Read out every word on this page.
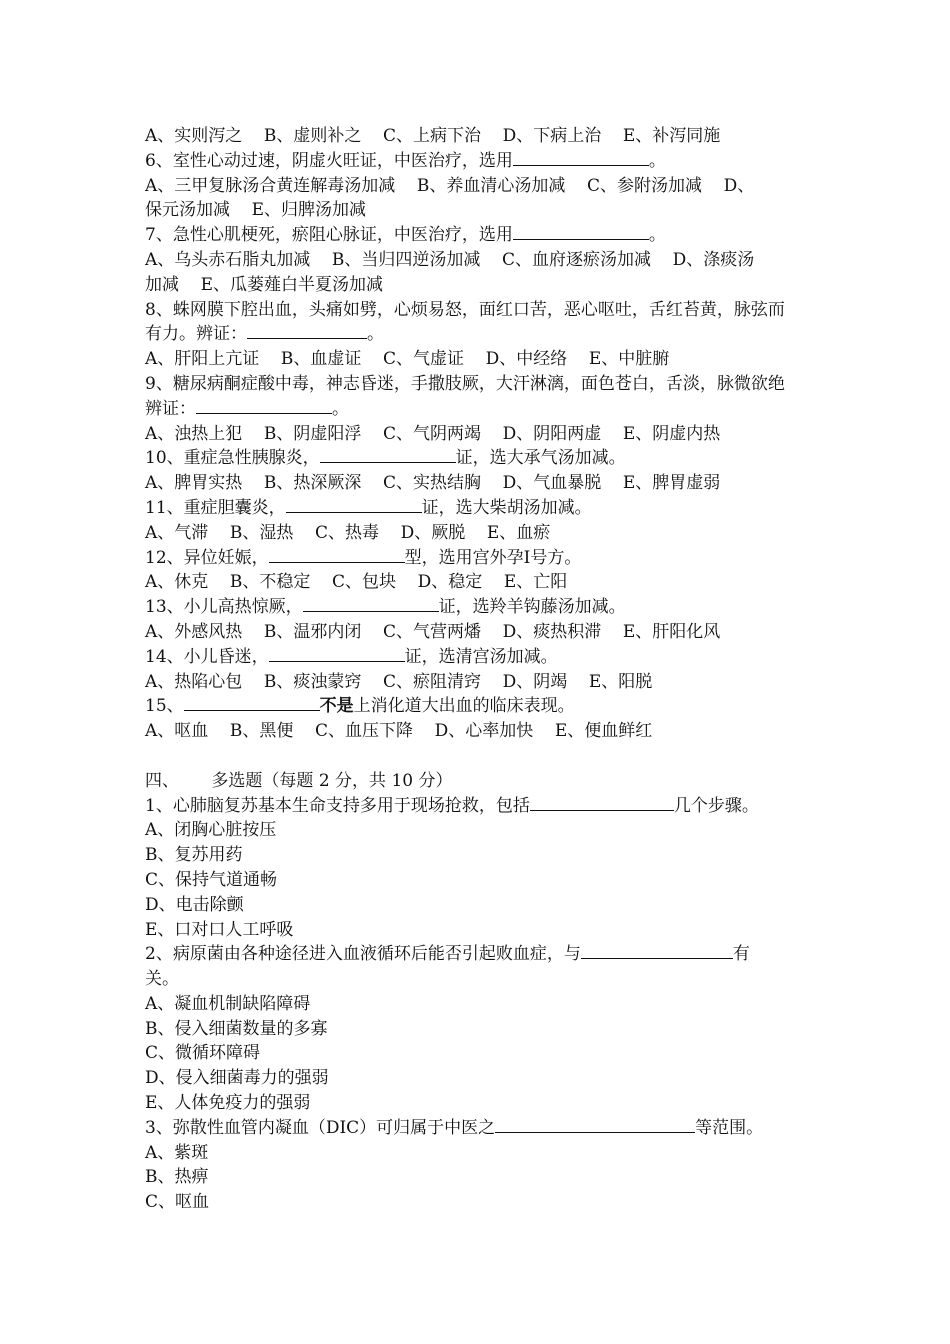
A、实则泻之    B、虚则补之    C、上病下治    D、下病上治    E、补泻同施
6、室性心动过速，阴虚火旺证，中医治疗，选用	。
A、三甲复脉汤合黄连解毒汤加减    B、养血清心汤加减    C、参附汤加减    D、
保元汤加减    E、归脾汤加减
7、急性心肌梗死，瘀阻心脉证，中医治疗，选用	。
A、乌头赤石脂丸加减    B、当归四逆汤加减    C、血府逐瘀汤加减    D、涤痰汤
加减    E、瓜蒌薤白半夏汤加减
8、蛛网膜下腔出血，头痛如劈，心烦易怒，面红口苦，恶心呕吐，舌红苔黄，脉弦而
有力。辨证：	。
A、肝阳上亢证    B、血虚证    C、气虚证    D、中经络    E、中脏腑
9、糖尿病酮症酸中毒，神志昏迷，手撒肢厥，大汗淋漓，面色苍白，舌淡，脉微欲绝
辨证：	。
A、浊热上犯    B、阴虚阳浮    C、气阴两竭    D、阴阳两虚    E、阴虚内热
10、重症急性胰腺炎，	证，选大承气汤加减。
A、脾胃实热    B、热深厥深    C、实热结胸    D、气血暴脱    E、脾胃虚弱
11、重症胆囊炎，	证，选大柴胡汤加减。
A、气滞    B、湿热    C、热毒    D、厥脱    E、血瘀
12、异位妊娠，	型，选用宫外孕Ⅰ号方。
A、休克    B、不稳定    C、包块    D、稳定    E、亡阳
13、小儿高热惊厥，	证，选羚羊钩藤汤加减。
A、外感风热    B、温邪内闭    C、气营两燔    D、痰热积滞    E、肝阳化风
14、小儿昏迷，	证，选清宫汤加减。
A、热陷心包    B、痰浊蒙窍    C、瘀阻清窍    D、阴竭    E、阳脱
15、	不是上消化道大出血的临床表现。
A、呕血    B、黑便    C、血压下降    D、心率加快    E、便血鲜红
四、      多选题（每题 2 分，共 10 分）
1、心肺脑复苏基本生命支持多用于现场抢救，包括	几个步骤。
A、闭胸心脏按压
B、复苏用药
C、保持气道通畅
D、电击除颤
E、口对口人工呼吸
2、病原菌由各种途径进入血液循环后能否引起败血症，与	有
关。
A、凝血机制缺陷障碍
B、侵入细菌数量的多寡
C、微循环障碍
D、侵入细菌毒力的强弱
E、人体免疫力的强弱
3、弥散性血管内凝血（DIC）可归属于中医之	等范围。
A、紫斑
B、热痹
C、呕血
